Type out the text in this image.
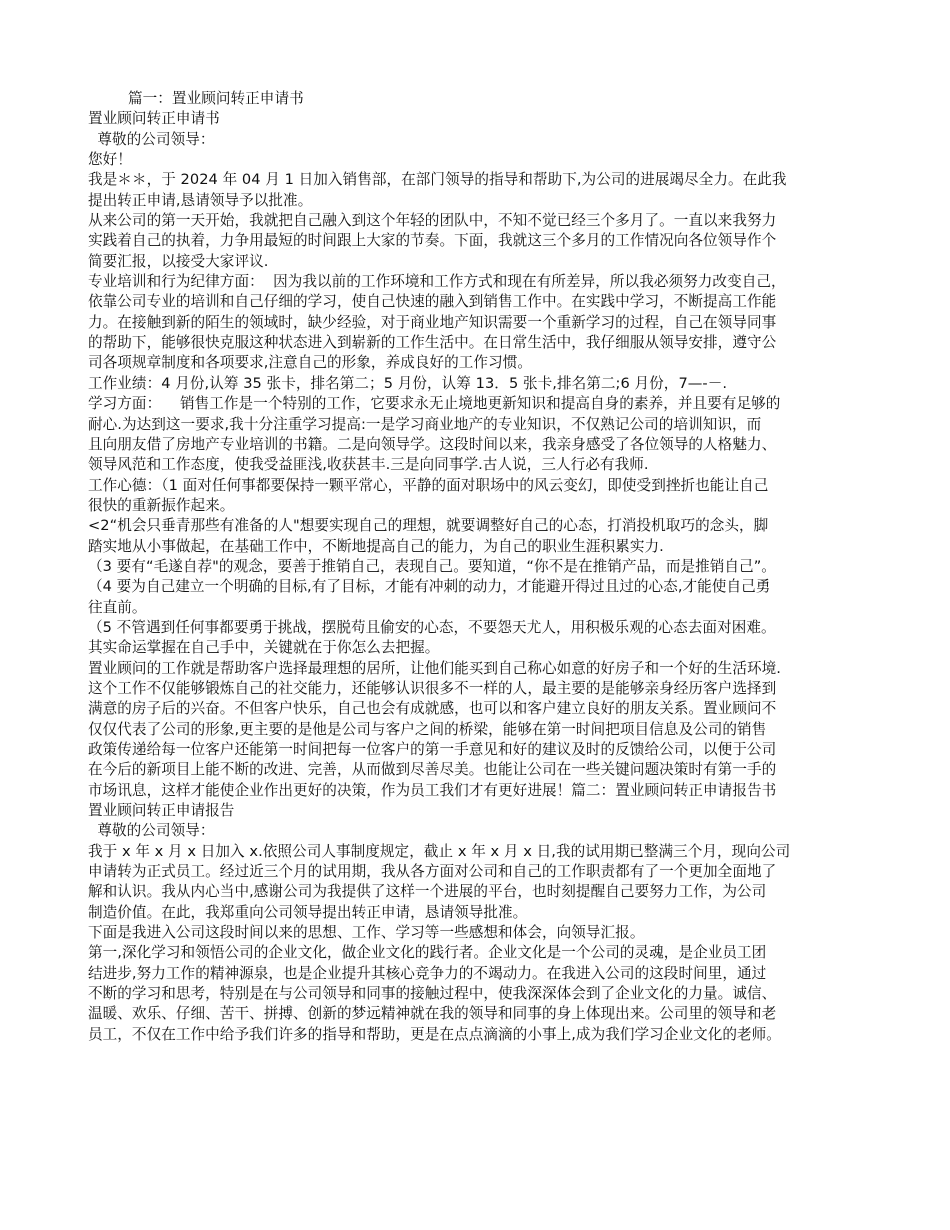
篇一：置业顾问转正申请书
置业顾问转正申请书
尊敬的公司领导：
您好！
我是＊＊，于 2024 年 04 月 1 日加入销售部，在部门领导的指导和帮助下,为公司的进展竭尽全力。在此我
提出转正申请,恳请领导予以批准。
从来公司的第一天开始，我就把自己融入到这个年轻的团队中，不知不觉已经三个多月了。一直以来我努力
实践着自己的执着，力争用最短的时间跟上大家的节奏。下面，我就这三个多月的工作情况向各位领导作个
简要汇报，以接受大家评议.
专业培训和行为纪律方面：  因为我以前的工作环境和工作方式和现在有所差异，所以我必须努力改变自己，
依靠公司专业的培训和自己仔细的学习，使自己快速的融入到销售工作中。在实践中学习，不断提高工作能
力。在接触到新的陌生的领域时，缺少经验，对于商业地产知识需要一个重新学习的过程，自己在领导同事
的帮助下，能够很快克服这种状态进入到崭新的工作生活中。在日常生活中，我仔细服从领导安排，遵守公
司各项规章制度和各项要求,注意自己的形象，养成良好的工作习惯。
工作业绩：4 月份,认筹 35 张卡，排名第二；5 月份，认筹 13．5 张卡,排名第二;6 月份，7—-－.
学习方面：    销售工作是一个特别的工作，它要求永无止境地更新知识和提高自身的素养，并且要有足够的
耐心.为达到这一要求,我十分注重学习提高:一是学习商业地产的专业知识，不仅熟记公司的培训知识，而
且向朋友借了房地产专业培训的书籍。二是向领导学。这段时间以来，我亲身感受了各位领导的人格魅力、
领导风范和工作态度，使我受益匪浅,收获甚丰.三是向同事学.古人说，三人行必有我师.
工作心德：（1 面对任何事都要保持一颗平常心，平静的面对职场中的风云变幻，即使受到挫折也能让自己
很快的重新振作起来。
<2“机会只垂青那些有准备的人"想要实现自己的理想，就要调整好自己的心态，打消投机取巧的念头，脚
踏实地从小事做起，在基础工作中，不断地提高自己的能力，为自己的职业生涯积累实力.
（3 要有“毛遂自荐"的观念，要善于推销自己，表现自己。要知道，“你不是在推销产品，而是推销自己”。
（4 要为自己建立一个明确的目标,有了目标，才能有冲刺的动力，才能避开得过且过的心态,才能使自己勇
往直前。
（5 不管遇到任何事都要勇于挑战，摆脱苟且偷安的心态，不要怨天尤人，用积极乐观的心态去面对困难。
其实命运掌握在自己手中，关键就在于你怎么去把握。
置业顾问的工作就是帮助客户选择最理想的居所，让他们能买到自己称心如意的好房子和一个好的生活环境.
这个工作不仅能够锻炼自己的社交能力，还能够认识很多不一样的人，最主要的是能够亲身经历客户选择到
满意的房子后的兴奋。不但客户快乐，自己也会有成就感，也可以和客户建立良好的朋友关系。置业顾问不
仅仅代表了公司的形象,更主要的是他是公司与客户之间的桥梁，能够在第一时间把项目信息及公司的销售
政策传递给每一位客户还能第一时间把每一位客户的第一手意见和好的建议及时的反馈给公司，以便于公司
在今后的新项目上能不断的改进、完善，从而做到尽善尽美。也能让公司在一些关键问题决策时有第一手的
市场讯息，这样才能使企业作出更好的决策，作为员工我们才有更好进展！篇二：置业顾问转正申请报告书
置业顾问转正申请报告
尊敬的公司领导：
我于 x 年 x 月 x 日加入 x.依照公司人事制度规定，截止 x 年 x 月 x 日,我的试用期已整满三个月，现向公司
申请转为正式员工。经过近三个月的试用期，我从各方面对公司和自己的工作职责都有了一个更加全面地了
解和认识。我从内心当中,感谢公司为我提供了这样一个进展的平台，也时刻提醒自己要努力工作，为公司
制造价值。在此，我郑重向公司领导提出转正申请，恳请领导批准。
下面是我进入公司这段时间以来的思想、工作、学习等一些感想和体会，向领导汇报。
第一,深化学习和领悟公司的企业文化，做企业文化的践行者。企业文化是一个公司的灵魂，是企业员工团
结进步,努力工作的精神源泉，也是企业提升其核心竞争力的不竭动力。在我进入公司的这段时间里，通过
不断的学习和思考，特别是在与公司领导和同事的接触过程中，使我深深体会到了企业文化的力量。诚信、
温暖、欢乐、仔细、苦干、拼搏、创新的梦远精神就在我的领导和同事的身上体现出来。公司里的领导和老
员工，不仅在工作中给予我们许多的指导和帮助，更是在点点滴滴的小事上,成为我们学习企业文化的老师。
